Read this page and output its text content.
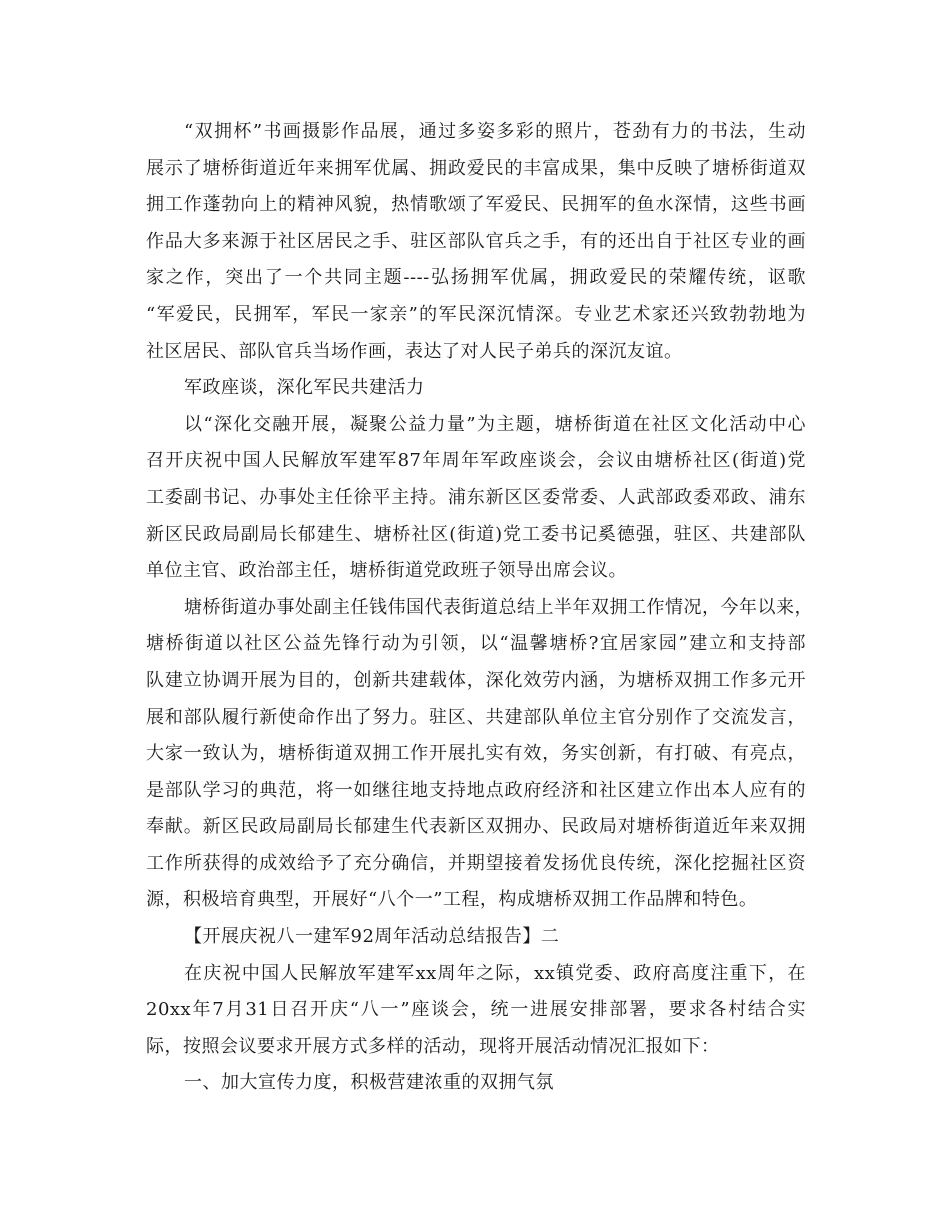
“双拥杯”书画摄影作品展，通过多姿多彩的照片，苍劲有力的书法，生动
展示了塘桥街道近年来拥军优属、拥政爱民的丰富成果，集中反映了塘桥街道双
拥工作蓬勃向上的精神风貌，热情歌颂了军爱民、民拥军的鱼水深情，这些书画
作品大多来源于社区居民之手、驻区部队官兵之手，有的还出自于社区专业的画
家之作，突出了一个共同主题----弘扬拥军优属，拥政爱民的荣耀传统，讴歌
“军爱民，民拥军，军民一家亲”的军民深沉情深。专业艺术家还兴致勃勃地为
社区居民、部队官兵当场作画，表达了对人民子弟兵的深沉友谊。
军政座谈，深化军民共建活力
以“深化交融开展，凝聚公益力量”为主题，塘桥街道在社区文化活动中心
召开庆祝中国人民解放军建军87年周年军政座谈会，会议由塘桥社区(街道)党
工委副书记、办事处主任徐平主持。浦东新区区委常委、人武部政委邓政、浦东
新区民政局副局长郁建生、塘桥社区(街道)党工委书记奚德强，驻区、共建部队
单位主官、政治部主任，塘桥街道党政班子领导出席会议。
塘桥街道办事处副主任钱伟国代表街道总结上半年双拥工作情况，今年以来，
塘桥街道以社区公益先锋行动为引领，以“温馨塘桥?宜居家园”建立和支持部
队建立协调开展为目的，创新共建载体，深化效劳内涵，为塘桥双拥工作多元开
展和部队履行新使命作出了努力。驻区、共建部队单位主官分别作了交流发言，
大家一致认为，塘桥街道双拥工作开展扎实有效，务实创新，有打破、有亮点，
是部队学习的典范，将一如继往地支持地点政府经济和社区建立作出本人应有的
奉献。新区民政局副局长郁建生代表新区双拥办、民政局对塘桥街道近年来双拥
工作所获得的成效给予了充分确信，并期望接着发扬优良传统，深化挖掘社区资
源，积极培育典型，开展好“八个一”工程，构成塘桥双拥工作品牌和特色。
【开展庆祝八一建军92周年活动总结报告】二
在庆祝中国人民解放军建军xx周年之际，xx镇党委、政府高度注重下，在
20xx年7月31日召开庆“八一”座谈会，统一进展安排部署，要求各村结合实
际，按照会议要求开展方式多样的活动，现将开展活动情况汇报如下：
一、加大宣传力度，积极营建浓重的双拥气氛
